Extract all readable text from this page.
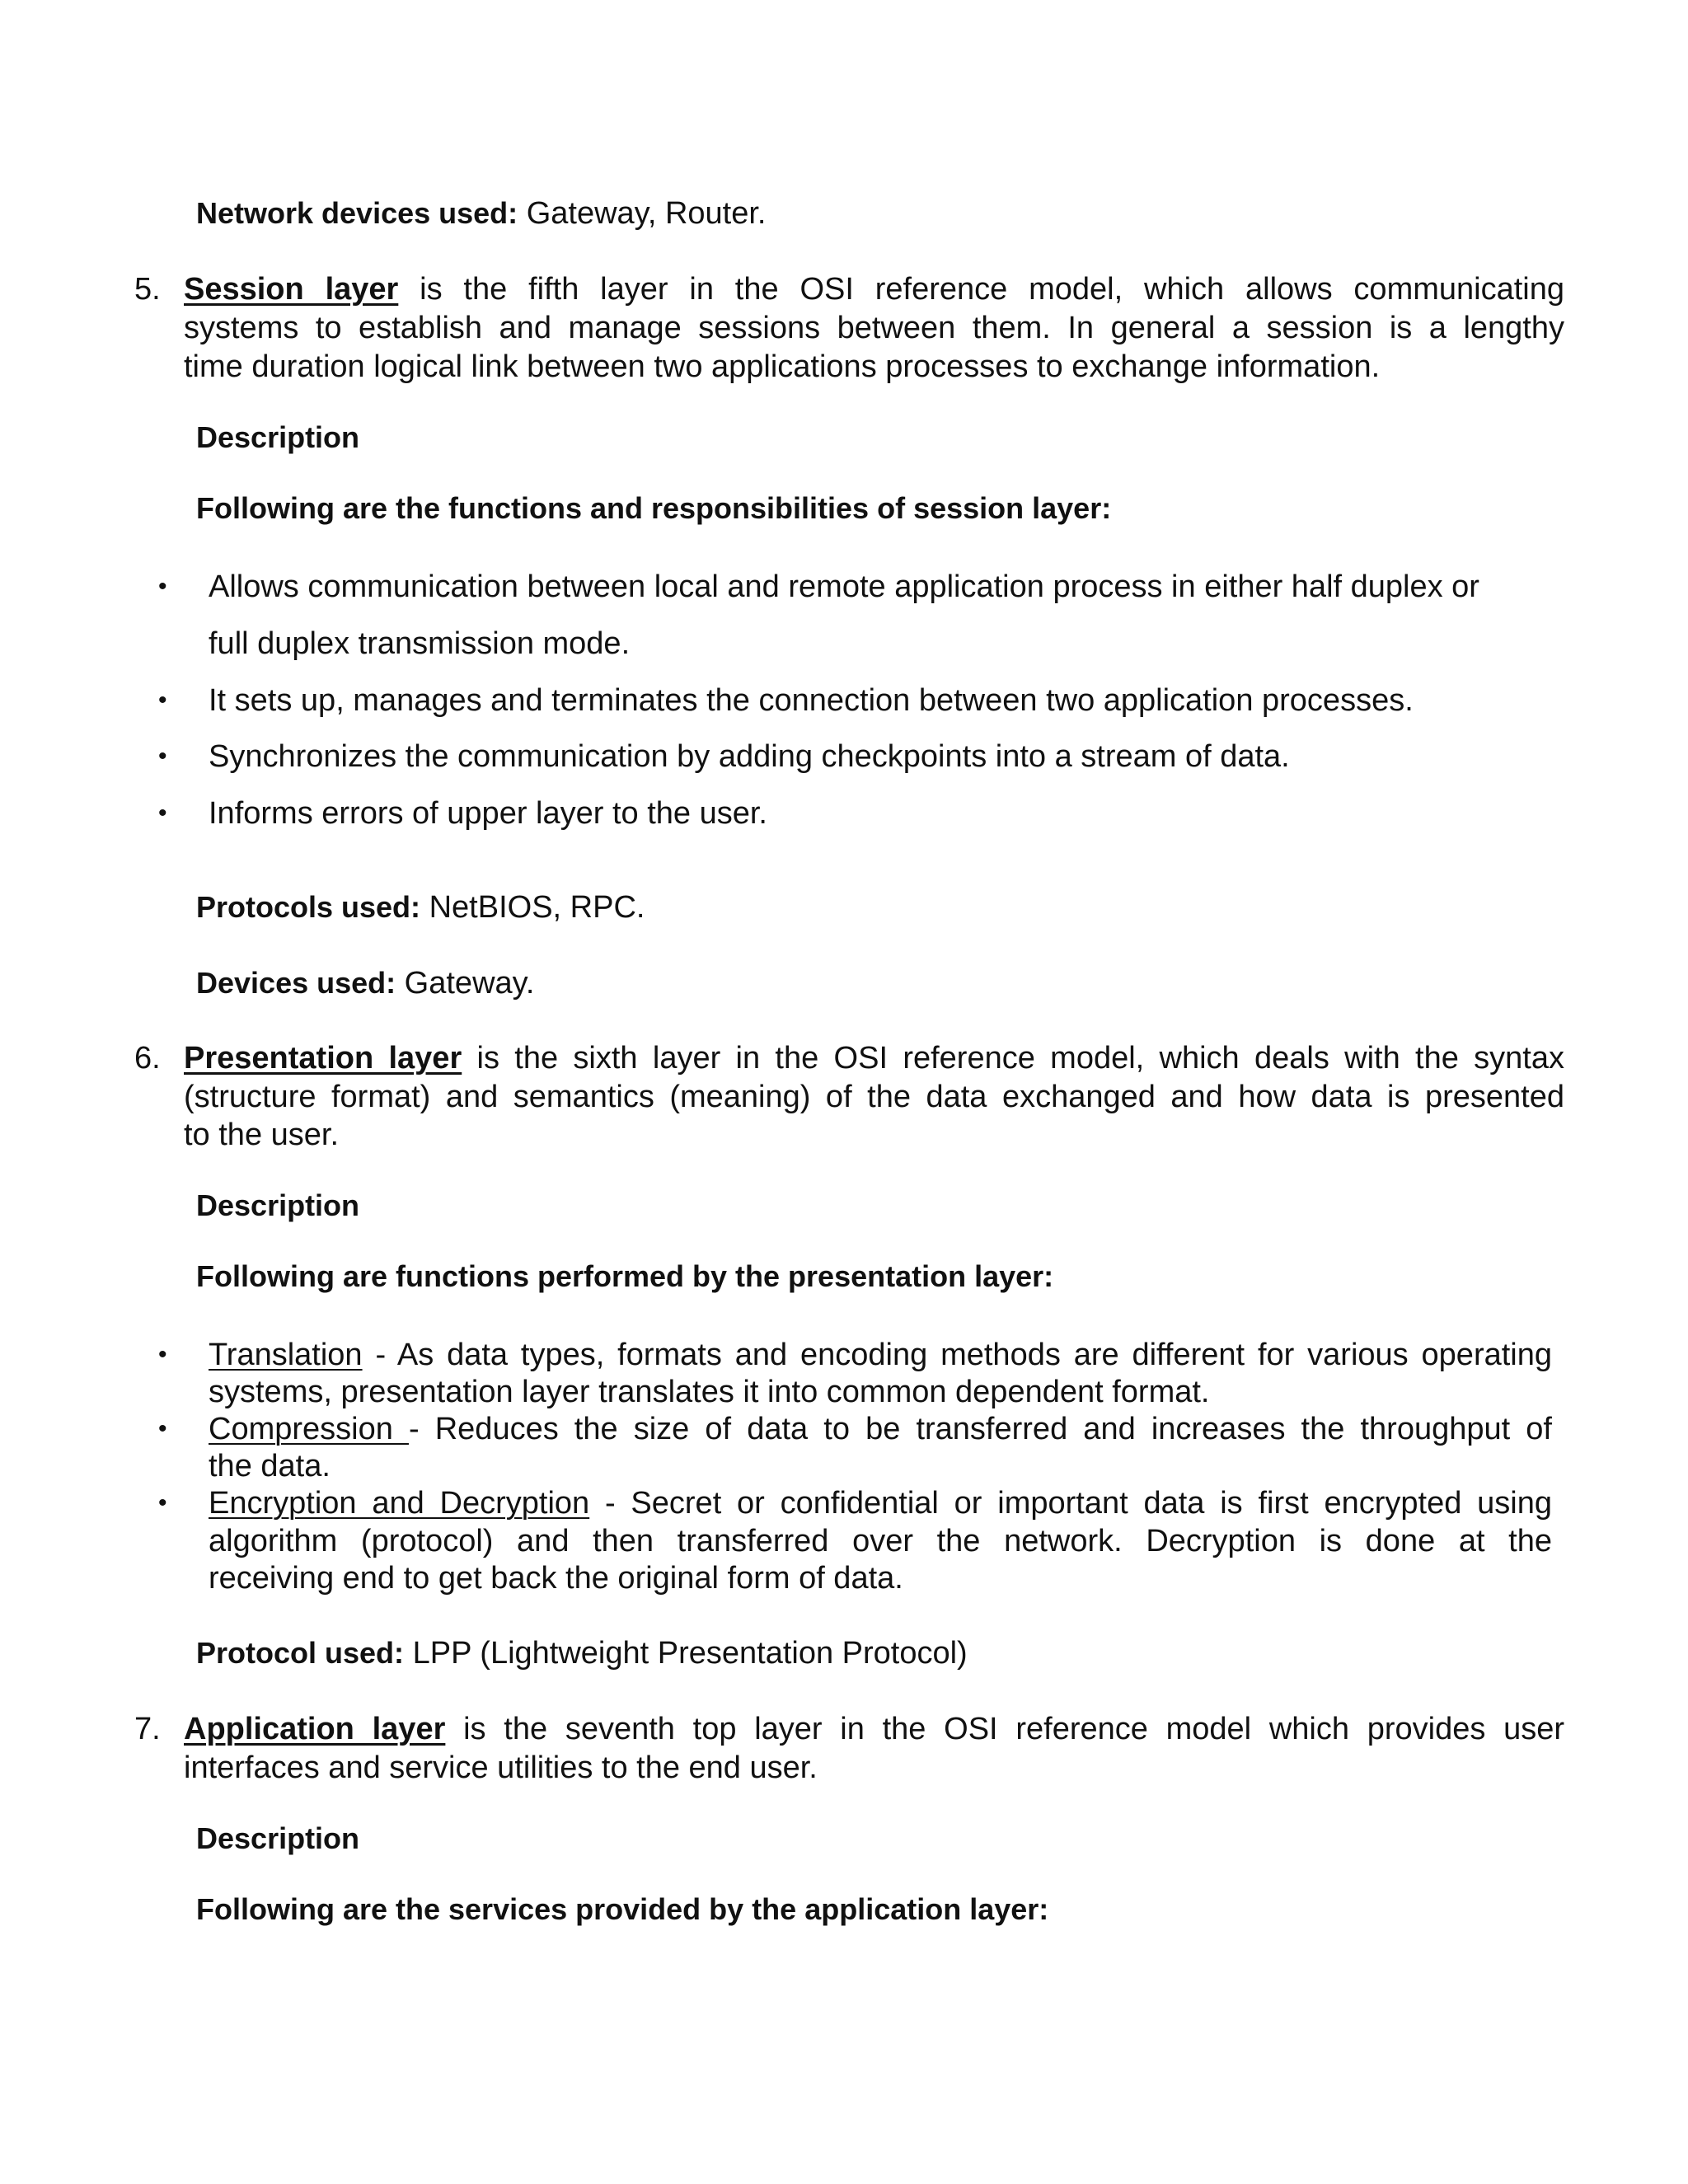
Network devices used: Gateway, Router.
5. Session layer is the fifth layer in the OSI reference model, which allows communicating
systems to establish and manage sessions between them. In general a session is a lengthy
time duration logical link between two applications processes to exchange information.
Description
Following are the functions and responsibilities of session layer:
• Allows communication between local and remote application process in either half duplex or
full duplex transmission mode.
• It sets up, manages and terminates the connection between two application processes.
• Synchronizes the communication by adding checkpoints into a stream of data.
• Informs errors of upper layer to the user.
Protocols used: NetBIOS, RPC.
Devices used: Gateway.
6. Presentation layer is the sixth layer in the OSI reference model, which deals with the syntax
(structure format) and semantics (meaning) of the data exchanged and how data is presented
to the user.
Description
Following are functions performed by the presentation layer:
• Translation - As data types, formats and encoding methods are different for various operating
systems, presentation layer translates it into common dependent format.
• Compression - Reduces the size of data to be transferred and increases the throughput of
the data.
• Encryption and Decryption - Secret or confidential or important data is first encrypted using
algorithm (protocol) and then transferred over the network. Decryption is done at the
receiving end to get back the original form of data.
Protocol used: LPP (Lightweight Presentation Protocol)
7. Application layer is the seventh top layer in the OSI reference model which provides user
interfaces and service utilities to the end user.
Description
Following are the services provided by the application layer:
